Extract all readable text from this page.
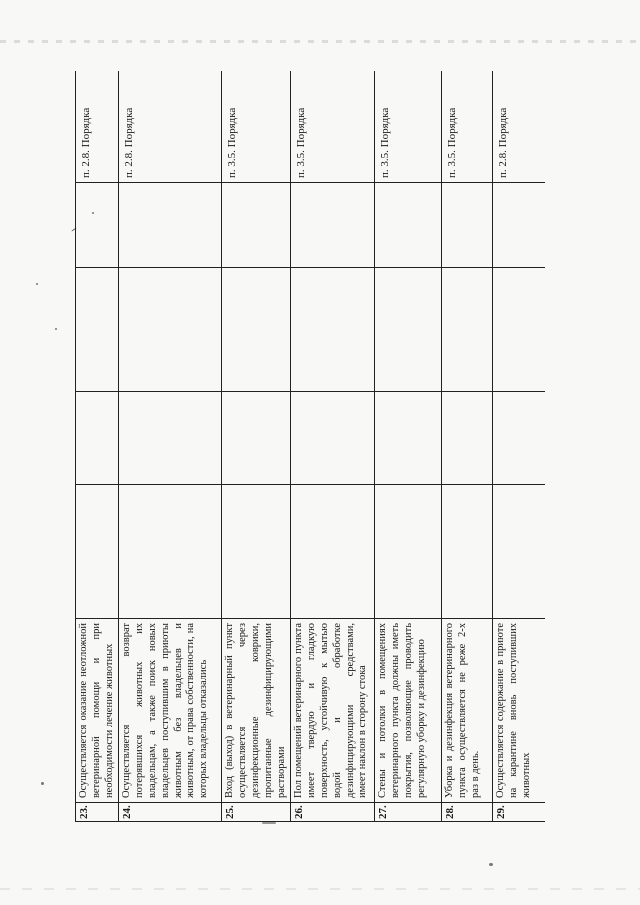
23.	Осуществляется оказание неотложной ветеринарной помощи и при необходимости лечение животных					п. 2.8. Порядка
24.	Осуществляется возврат потерявшихся животных их владельцам, а также поиск новых владельцев поступившим в приюты животным без владельцев и животным, от права собственности, на которых владельцы отказались					п. 2.8. Порядка
25.	Вход (выход) в ветеринарный пункт осуществляется через дезинфекционные коврики, пропитанные дезинфицирующими растворами					п. 3.5. Порядка
26.	Пол помещений ветеринарного пункта имеет твердую и гладкую поверхность, устойчивую к мытью водой и обработке дезинфицирующими средствами, имеет наклон в сторону стока					п. 3.5. Порядка
27.	Стены и потолки в помещениях ветеринарного пункта должны иметь покрытия, позволяющие проводить регулярную уборку и дезинфекцию					п. 3.5. Порядка
28.	Уборка и дезинфекция ветеринарного пункта осуществляется не реже 2-х раз в день.					п. 3.5. Порядка
29.	Осуществляется содержание в приюте на карантине вновь поступивших животных					п. 2.8. Порядка
